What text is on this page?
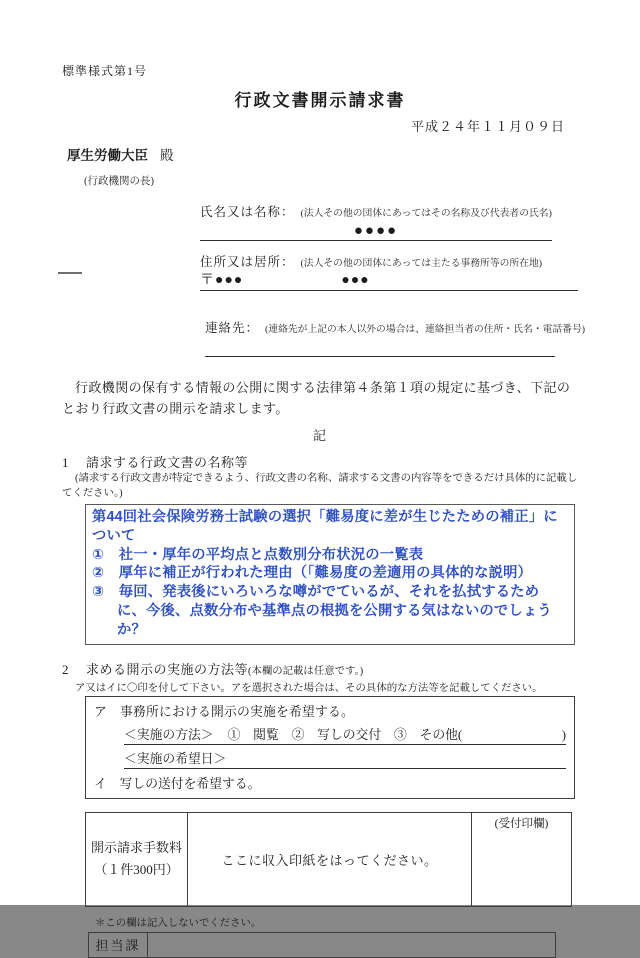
標準様式第1号
行政文書開示請求書
平成２４年１１月０９日
厚生労働大臣 殿
(行政機関の長)
氏名又は名称： (法人その他の団体にあってはその名称及び代表者の氏名)
●●●●
住所又は居所： (法人その他の団体にあっては主たる事務所等の所在地)
〒●●●	●●●
連絡先： (連絡先が上記の本人以外の場合は、連絡担当者の住所・氏名・電話番号)
行政機関の保有する情報の公開に関する法律第４条第１項の規定に基づき、下記のとおり行政文書の開示を請求します。
記
1 請求する行政文書の名称等
(請求する行政文書が特定できるよう、行政文書の名称、請求する文書の内容等をできるだけ具体的に記載してください。)
第44回社会保険労務士試験の選択「難易度に差が生じたための補正」について
①　社一・厚年の平均点と点数別分布状況の一覧表
②　厚年に補正が行われた理由（「難易度の差適用の具体的な説明）
③　毎回、発表後にいろいろな噂がでているが、それを払拭するために、今後、点数分布や基準点の根拠を公開する気はないのでしょうか？
2 求める開示の実施の方法等(本欄の記載は任意です。)
ア又はイに〇印を付して下さい。アを選択された場合は、その具体的な方法等を記載してください。
ア　事務所における開示の実施を希望する。
＜実施の方法＞ ①　閲覧　②　写しの交付　③　その他(	)
＜実施の希望日＞
イ　写しの送付を希望する。
開示請求手数料
（１件300円）
ここに収入印紙をはってください。
(受付印欄)
＊この欄は記入しないでください。
担当課
